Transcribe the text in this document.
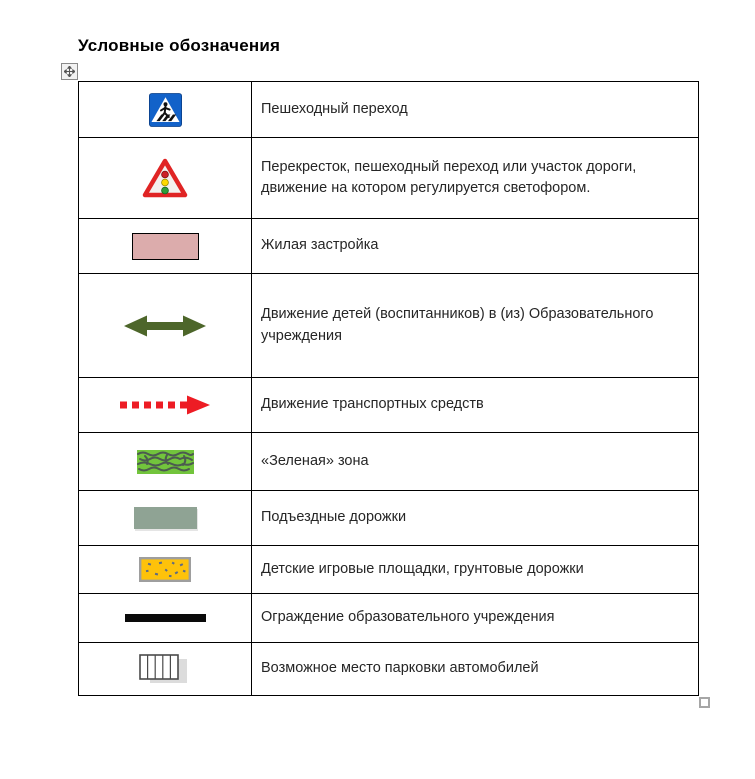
Условные обозначения
	Пешеходный переход

	Перекресток, пешеходный переход или участок дороги, движение на котором регулируется светофором.
	Жилая застройка

	Движение детей (воспитанников) в (из) Образовательного учреждения

	Движение транспортных средств

	«Зеленая» зона
	Подъездные дорожки

	Детские игровые площадки, грунтовые дорожки
	Ограждение образовательного учреждения

	Возможное место парковки автомобилей
